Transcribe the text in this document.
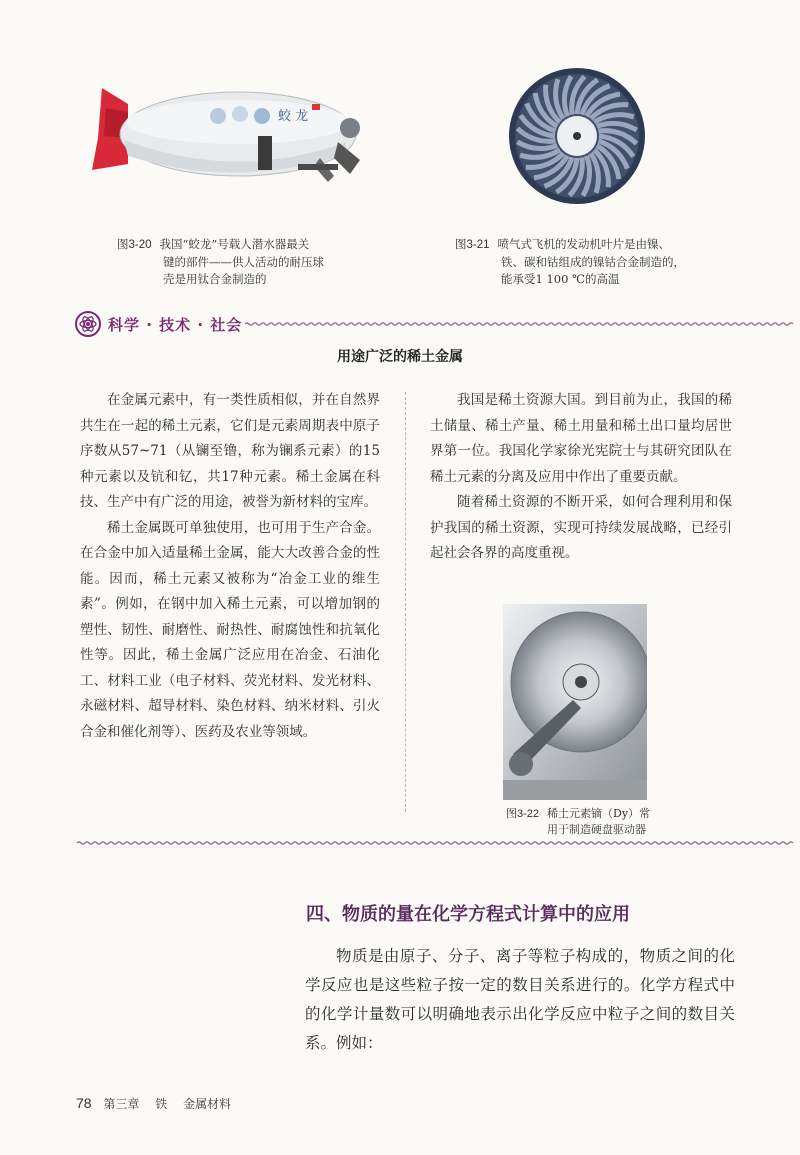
蛟 龙
图3-20 我国“蛟龙”号载人潜水器最关
键的部件——供人活动的耐压球
壳是用钛合金制造的
图3-21 喷气式飞机的发动机叶片是由镍、
铁、碳和钴组成的镍钴合金制造的，
能承受1 100 ℃的高温
科学 · 技术 · 社会
用途广泛的稀土金属

在金属元素中，有一类性质相似，并在自然界共生在一起的稀土元素，它们是元素周期表中原子序数从57~71（从镧至镥，称为镧系元素）的15种元素以及钪和钇，共17种元素。稀土金属在科技、生产中有广泛的用途，被誉为新材料的宝库。

稀土金属既可单独使用，也可用于生产合金。在合金中加入适量稀土金属，能大大改善合金的性能。因而，稀土元素又被称为“冶金工业的维生素”。例如，在钢中加入稀土元素，可以增加钢的塑性、韧性、耐磨性、耐热性、耐腐蚀性和抗氧化性等。因此，稀土金属广泛应用在冶金、石油化工、材料工业（电子材料、荧光材料、发光材料、永磁材料、超导材料、染色材料、纳米材料、引火合金和催化剂等）、医药及农业等领域。

我国是稀土资源大国。到目前为止，我国的稀土储量、稀土产量、稀土用量和稀土出口量均居世界第一位。我国化学家徐光宪院士与其研究团队在稀土元素的分离及应用中作出了重要贡献。

随着稀土资源的不断开采，如何合理利用和保护我国的稀土资源，实现可持续发展战略，已经引起社会各界的高度重视。

图3-22 稀土元素镝（Dy）常
用于制造硬盘驱动器
四、物质的量在化学方程式计算中的应用

物质是由原子、分子、离子等粒子构成的，物质之间的化学反应也是这些粒子按一定的数目关系进行的。化学方程式中的化学计量数可以明确地表示出化学反应中粒子之间的数目关系。例如：

78 第三章 铁 金属材料
